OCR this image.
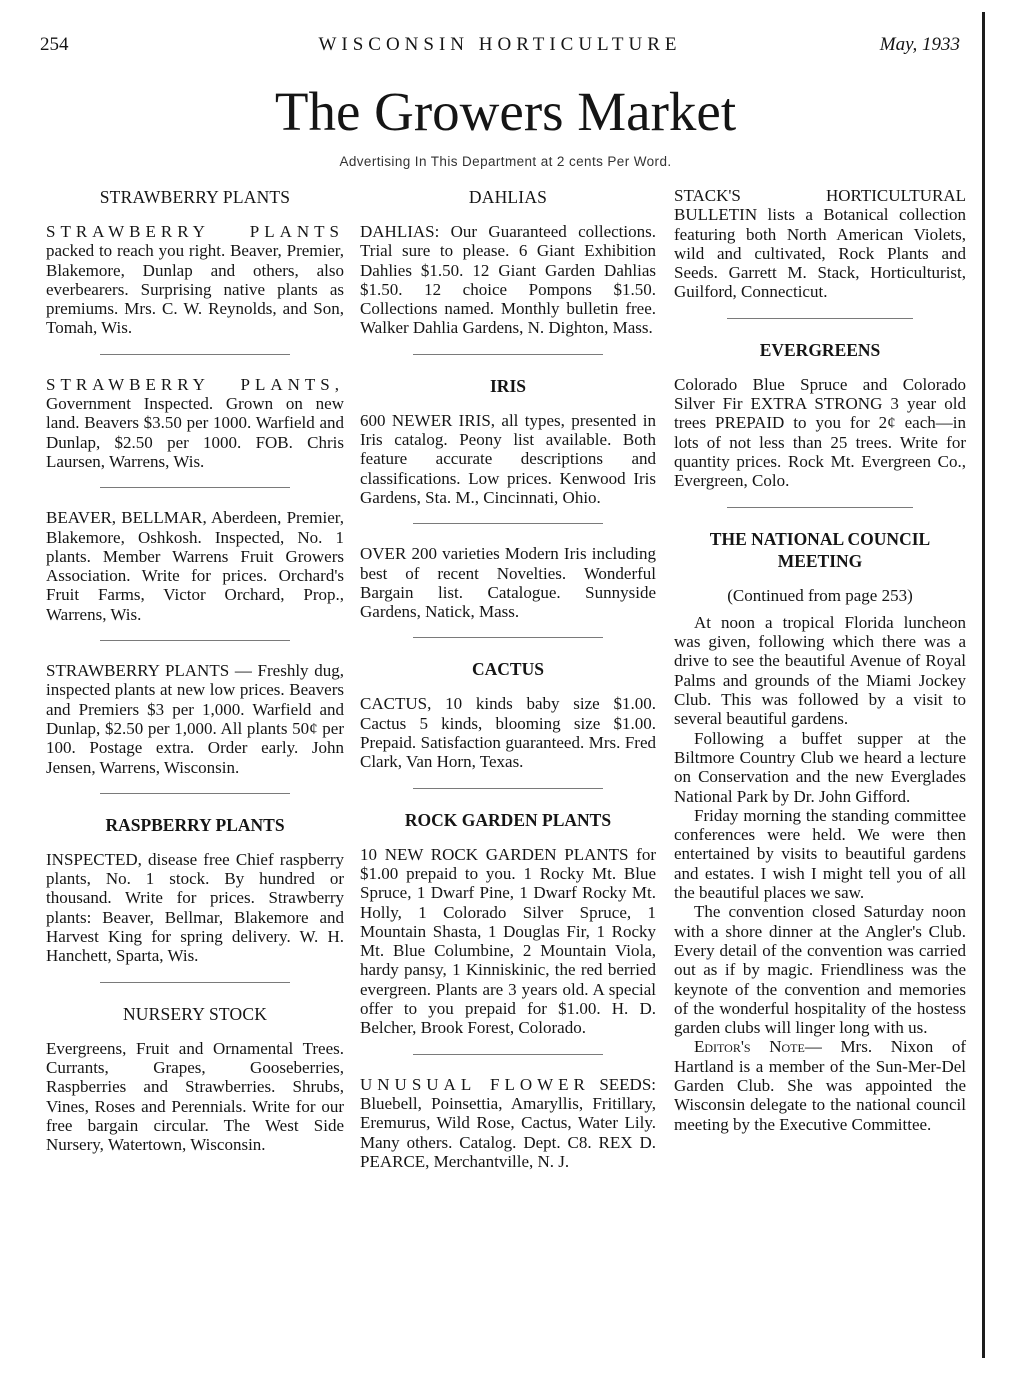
254	WISCONSIN HORTICULTURE	May, 1933
The Growers Market
Advertising In This Department at 2 cents Per Word.
STRAWBERRY PLANTS

STRAWBERRY PLANTS packed to reach you right. Beaver, Premier, Blakemore, Dunlap and others, also everbearers. Surprising native plants as premiums. Mrs. C. W. Reynolds, and Son, Tomah, Wis.

STRAWBERRY PLANTS, Government Inspected. Grown on new land. Beavers $3.50 per 1000. Warfield and Dunlap, $2.50 per 1000. FOB. Chris Laursen, Warrens, Wis.

BEAVER, BELLMAR, Aberdeen, Premier, Blakemore, Oshkosh. Inspected, No. 1 plants. Member Warrens Fruit Growers Association. Write for prices. Orchard's Fruit Farms, Victor Orchard, Prop., Warrens, Wis.

STRAWBERRY PLANTS — Freshly dug, inspected plants at new low prices. Beavers and Premiers $3 per 1,000. Warfield and Dunlap, $2.50 per 1,000. All plants 50¢ per 100. Postage extra. Order early. John Jensen, Warrens, Wisconsin.

RASPBERRY PLANTS

INSPECTED, disease free Chief raspberry plants, No. 1 stock. By hundred or thousand. Write for prices. Strawberry plants: Beaver, Bellmar, Blakemore and Harvest King for spring delivery. W. H. Hanchett, Sparta, Wis.

NURSERY STOCK

Evergreens, Fruit and Ornamental Trees. Currants, Grapes, Gooseberries, Raspberries and Strawberries. Shrubs, Vines, Roses and Perennials. Write for our free bargain circular. The West Side Nursery, Watertown, Wisconsin.

DAHLIAS

DAHLIAS: Our Guaranteed collections. Trial sure to please. 6 Giant Exhibition Dahlies $1.50. 12 Giant Garden Dahlias $1.50. 12 choice Pompons $1.50. Collections named. Monthly bulletin free. Walker Dahlia Gardens, N. Dighton, Mass.

IRIS

600 NEWER IRIS, all types, presented in Iris catalog. Peony list available. Both feature accurate descriptions and classifications. Low prices. Kenwood Iris Gardens, Sta. M., Cincinnati, Ohio.

OVER 200 varieties Modern Iris including best of recent Novelties. Wonderful Bargain list. Catalogue. Sunnyside Gardens, Natick, Mass.

CACTUS

CACTUS, 10 kinds baby size $1.00. Cactus 5 kinds, blooming size $1.00. Prepaid. Satisfaction guaranteed. Mrs. Fred Clark, Van Horn, Texas.

ROCK GARDEN PLANTS

10 NEW ROCK GARDEN PLANTS for $1.00 prepaid to you. 1 Rocky Mt. Blue Spruce, 1 Dwarf Pine, 1 Dwarf Rocky Mt. Holly, 1 Colorado Silver Spruce, 1 Mountain Shasta, 1 Douglas Fir, 1 Rocky Mt. Blue Columbine, 2 Mountain Viola, hardy pansy, 1 Kinniskinic, the red berried evergreen. Plants are 3 years old. A special offer to you prepaid for $1.00. H. D. Belcher, Brook Forest, Colorado.

UNUSUAL FLOWER SEEDS: Bluebell, Poinsettia, Amaryllis, Fritillary, Eremurus, Wild Rose, Cactus, Water Lily. Many others. Catalog. Dept. C8. REX D. PEARCE, Merchantville, N. J.

STACK'S HORTICULTURAL BULLETIN lists a Botanical collection featuring both North American Violets, wild and cultivated, Rock Plants and Seeds. Garrett M. Stack, Horticulturist, Guilford, Connecticut.

EVERGREENS

Colorado Blue Spruce and Colorado Silver Fir EXTRA STRONG 3 year old trees PREPAID to you for 2¢ each—in lots of not less than 25 trees. Write for quantity prices. Rock Mt. Evergreen Co., Evergreen, Colo.

THE NATIONAL COUNCIL MEETING

(Continued from page 253)

At noon a tropical Florida luncheon was given, following which there was a drive to see the beautiful Avenue of Royal Palms and grounds of the Miami Jockey Club. This was followed by a visit to several beautiful gardens.

Following a buffet supper at the Biltmore Country Club we heard a lecture on Conservation and the new Everglades National Park by Dr. John Gifford.

Friday morning the standing committee conferences were held. We were then entertained by visits to beautiful gardens and estates. I wish I might tell you of all the beautiful places we saw.

The convention closed Saturday noon with a shore dinner at the Angler's Club. Every detail of the convention was carried out as if by magic. Friendliness was the keynote of the convention and memories of the wonderful hospitality of the hostess garden clubs will linger long with us.

Editor's Note— Mrs. Nixon of Hartland is a member of the Sun-Mer-Del Garden Club. She was appointed the Wisconsin delegate to the national council meeting by the Executive Committee.
